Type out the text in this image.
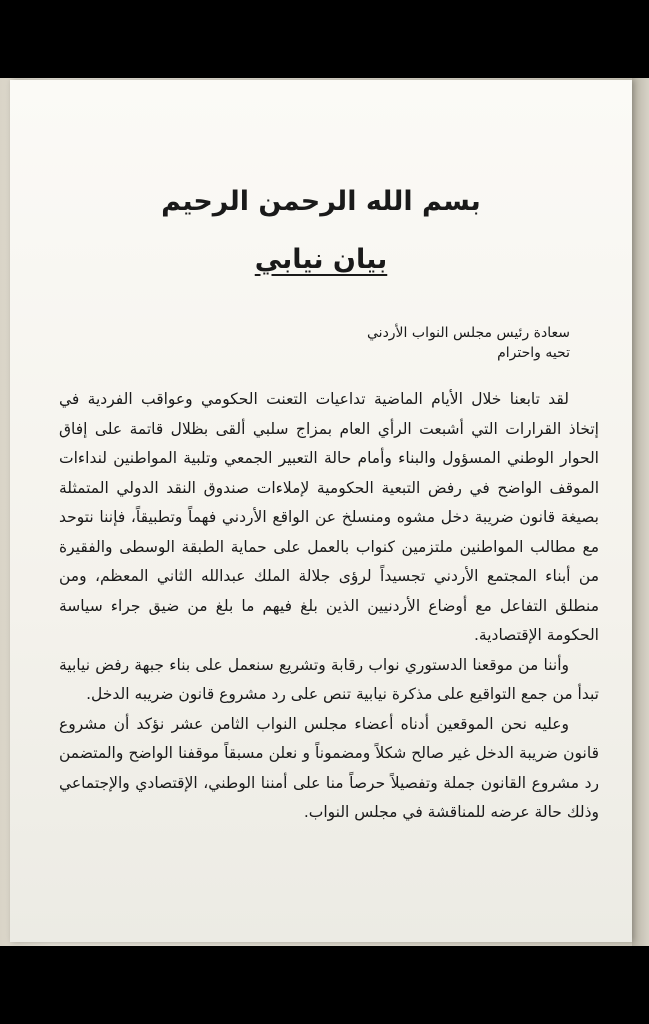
بسم الله الرحمن الرحيم
بيان نيابي
سعادة رئيس مجلس النواب الأردني
تحيه واحترام

لقد تابعنا خلال الأيام الماضية تداعيات التعنت الحكومي وعواقب الفردية في إتخاذ القرارات التي أشبعت الرأي العام بمزاج سلبي ألقى بظلال قاتمة على إفاق الحوار الوطني المسؤول والبناء وأمام حالة التعبير الجمعي وتلبية المواطنين لنداءات الموقف الواضح في رفض التبعية الحكومية لإملاءات صندوق النقد الدولي المتمثلة بصيغة قانون ضريبة دخل مشوه ومنسلخ عن الواقع الأردني فهماً وتطبيقاً، فإننا نتوحد مع مطالب المواطنين ملتزمين كنواب بالعمل على حماية الطبقة الوسطى والفقيرة من أبناء المجتمع الأردني تجسيداً لرؤى جلالة الملك عبدالله الثاني المعظم، ومن منطلق التفاعل مع أوضاع الأردنيين الذين بلغ فيهم ما بلغ من ضيق جراء سياسة الحكومة الإقتصادية.

وأننا من موقعنا الدستوري نواب رقابة وتشريع سنعمل على بناء جبهة رفض نيابية تبدأ من جمع التواقيع على مذكرة نيابية تنص على رد مشروع قانون ضريبه الدخل.

وعليه نحن الموقعين أدناه أعضاء مجلس النواب الثامن عشر نؤكد أن مشروع قانون ضريبة الدخل غير صالح شكلاً ومضموناً و نعلن مسبقاً موقفنا الواضح والمتضمن رد مشروع القانون جملة وتفصيلاً حرصاً منا على أمننا الوطني، الإقتصادي والإجتماعي وذلك حالة عرضه للمناقشة في مجلس النواب.
